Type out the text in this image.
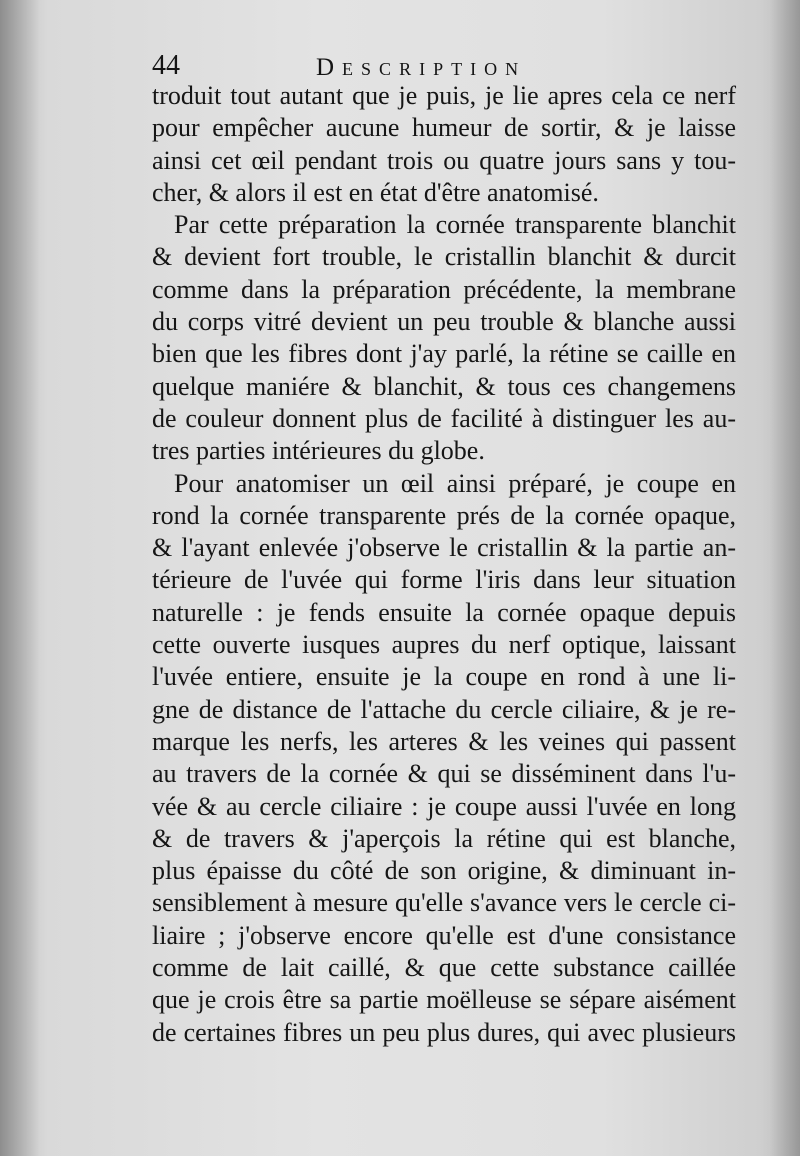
44	Description
troduit tout autant que je puis, je lie apres cela ce nerf
pour empêcher aucune humeur de sortir, & je laisse
ainsi cet œil pendant trois ou quatre jours sans y tou-
cher, & alors il est en état d'être anatomisé.
Par cette préparation la cornée transparente blanchit
& devient fort trouble, le cristallin blanchit & durcit
comme dans la préparation précédente, la membrane
du corps vitré devient un peu trouble & blanche aussi
bien que les fibres dont j'ay parlé, la rétine se caille en
quelque maniére & blanchit, & tous ces changemens
de couleur donnent plus de facilité à distinguer les au-
tres parties intérieures du globe.
Pour anatomiser un œil ainsi préparé, je coupe en
rond la cornée transparente prés de la cornée opaque,
& l'ayant enlevée j'observe le cristallin & la partie an-
térieure de l'uvée qui forme l'iris dans leur situation
naturelle : je fends ensuite la cornée opaque depuis
cette ouverte iusques aupres du nerf optique, laissant
l'uvée entiere, ensuite je la coupe en rond à une li-
gne de distance de l'attache du cercle ciliaire, & je re-
marque les nerfs, les arteres & les veines qui passent
au travers de la cornée & qui se disséminent dans l'u-
vée & au cercle ciliaire : je coupe aussi l'uvée en long
& de travers & j'aperçois la rétine qui est blanche,
plus épaisse du côté de son origine, & diminuant in-
sensiblement à mesure qu'elle s'avance vers le cercle ci-
liaire ; j'observe encore qu'elle est d'une consistance
comme de lait caillé, & que cette substance caillée
que je crois être sa partie moëlleuse se sépare aisément
de certaines fibres un peu plus dures, qui avec plusieurs
